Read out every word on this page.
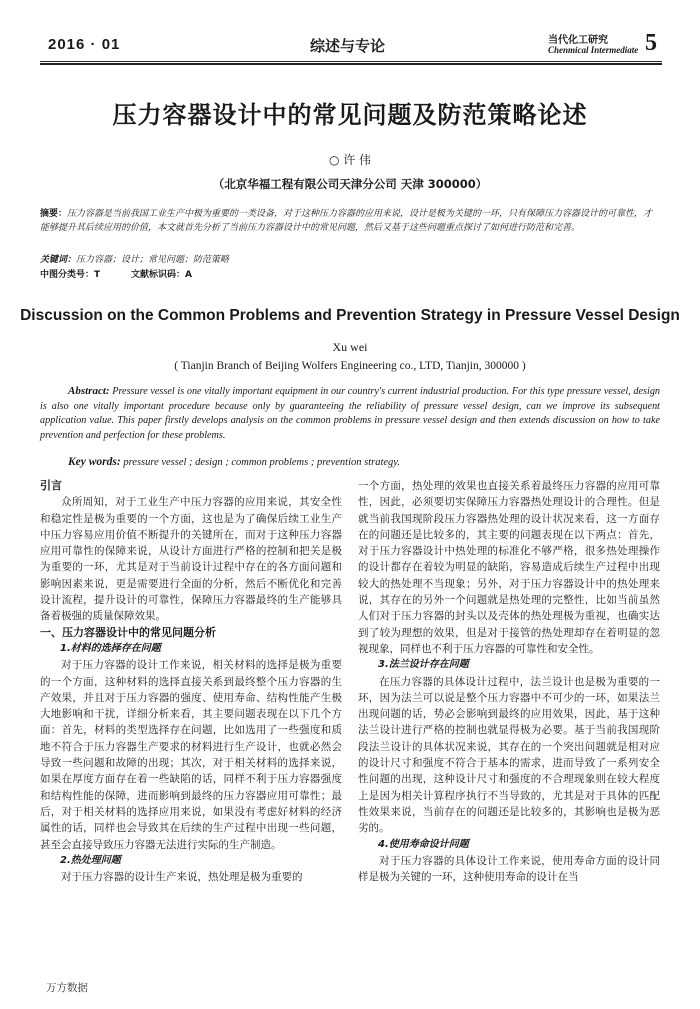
2016 · 01	综述与专论	当代化工研究
Chenmical Intermediate 5
压力容器设计中的常见问题及防范策略论述
○ 许 伟
（北京华福工程有限公司天津分公司 天津 300000）
摘要：压力容器是当前我国工业生产中极为重要的一类设备，对于这种压力容器的应用来说，设计是极为关键的一环，只有保障压力容器设计的可靠性，才能够提升其后续应用的价值，本文就首先分析了当前压力容器设计中的常见问题，然后又基于这些问题重点探讨了如何进行防范和完善。
关键词：压力容器；设计；常见问题；防范策略
中图分类号：T	文献标识码：A
Discussion on the Common Problems and Prevention Strategy in Pressure Vessel Design
Xu wei
( Tianjin Branch of Beijing Wolfers Engineering co., LTD, Tianjin, 300000 )
Abstract: Pressure vessel is one vitally important equipment in our country's current industrial production. For this type pressure vessel, design is also one vitally important procedure because only by guaranteeing the reliability of pressure vessel design, can we improve its subsequent application value. This paper firstly develops analysis on the common problems in pressure vessel design and then extends discussion on how to take prevention and perfection for these problems.
Key words: pressure vessel ; design ; common problems ; prevention strategy.
引言

众所周知，对于工业生产中压力容器的应用来说，其安全性和稳定性是极为重要的一个方面，这也是为了确保后续工业生产中压力容易应用价值不断提升的关键所在，而对于这种压力容器应用可靠性的保障来说，从设计方面进行严格的控制和把关是极为重要的一环，尤其是对于当前设计过程中存在的各方面问题和影响因素来说，更是需要进行全面的分析，然后不断优化和完善设计流程，提升设计的可靠性，保障压力容器最终的生产能够具备着极强的质量保障效果。

一、压力容器设计中的常见问题分析
1.材料的选择存在问题

对于压力容器的设计工作来说，相关材料的选择是极为重要的一个方面，这种材料的选择直接关系到最终整个压力容器的生产效果，并且对于压力容器的强度、使用寿命、结构性能产生极大地影响和干扰，详细分析来看，其主要问题表现在以下几个方面：首先，材料的类型选择存在问题，比如选用了一些强度和质地不符合于压力容器生产要求的材料进行生产设计，也就必然会导致一些问题和故障的出现；其次，对于相关材料的选择来说，如果在厚度方面存在着一些缺陷的话，同样不利于压力容器强度和结构性能的保障，进而影响到最终的压力容器应用可靠性；最后，对于相关材料的选择应用来说，如果没有考虑好材料的经济属性的话，同样也会导致其在后续的生产过程中出现一些问题，甚至会直接导致压力容器无法进行实际的生产制造。

2.热处理问题

对于压力容器的设计生产来说，热处理是极为重要的

一个方面，热处理的效果也直接关系着最终压力容器的应用可靠性，因此，必须要切实保障压力容器热处理设计的合理性。但是就当前我国现阶段压力容器热处理的设计状况来看，这一方面存在的问题还是比较多的，其主要的问题表现在以下两点：首先，对于压力容器设计中热处理的标准化不够严格，很多热处理操作的设计都存在着较为明显的缺陷，容易造成后续生产过程中出现较大的热处理不当现象；另外，对于压力容器设计中的热处理来说，其存在的另外一个问题就是热处理的完整性，比如当前虽然人们对于压力容器的封头以及壳体的热处理极为重视，也确实达到了较为理想的效果，但是对于接管的热处理却存在着明显的忽视现象，同样也不利于压力容器的可靠性和安全性。

3.法兰设计存在问题

在压力容器的具体设计过程中，法兰设计也是极为重要的一环，因为法兰可以说是整个压力容器中不可少的一环，如果法兰出现问题的话，势必会影响到最终的应用效果，因此，基于这种法兰设计进行严格的控制也就显得极为必要。基于当前我国现阶段法兰设计的具体状况来说，其存在的一个突出问题就是相对应的设计尺寸和强度不符合于基本的需求，进而导致了一系列安全性问题的出现，这种设计尺寸和强度的不合理现象则在较大程度上是因为相关计算程序执行不当导致的，尤其是对于具体的匹配性效果来说，当前存在的问题还是比较多的，其影响也是极为恶劣的。

4.使用寿命设计问题

对于压力容器的具体设计工作来说，使用寿命方面的设计同样是极为关键的一环，这种使用寿命的设计在当

万方数据
